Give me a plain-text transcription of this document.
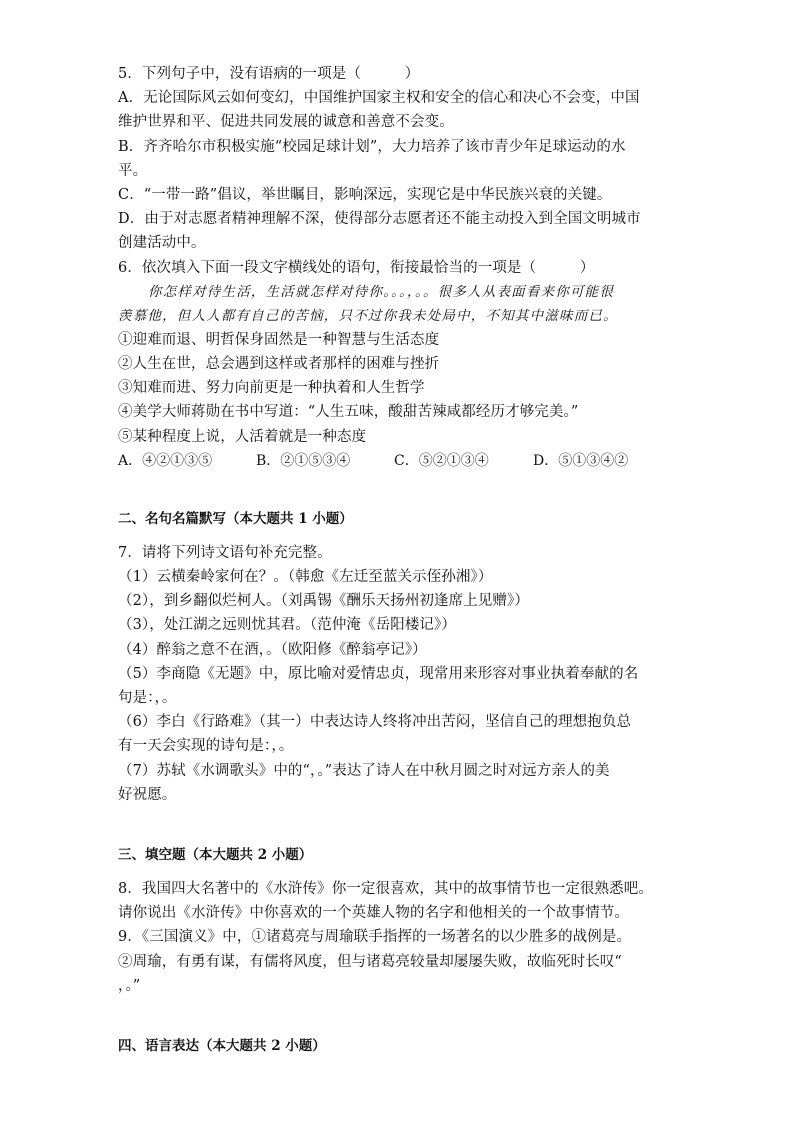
5．下列句子中，没有语病的一项是（　　　）
A．无论国际风云如何变幻，中国维护国家主权和安全的信心和决心不会变，中国
维护世界和平、促进共同发展的诚意和善意不会变。
B．齐齐哈尔市积极实施“校园足球计划”，大力培养了该市青少年足球运动的水
平。
C．“一带一路”倡议，举世瞩目，影响深远，实现它是中华民族兴衰的关键。
D．由于对志愿者精神理解不深，使得部分志愿者还不能主动投入到全国文明城市
创建活动中。
6．依次填入下面一段文字横线处的语句，衔接最恰当的一项是（　　　）
你怎样对待生活，生活就怎样对待你。。。，。。很多人从表面看来你可能很
羡慕他，但人人都有自己的苦恼，只不过你我未处局中，不知其中滋味而已。
①迎难而退、明哲保身固然是一种智慧与生活态度
②人生在世，总会遇到这样或者那样的困难与挫折
③知难而进、努力向前更是一种执着和人生哲学
④美学大师蒋勋在书中写道：“人生五味，酸甜苦辣咸都经历才够完美。”
⑤某种程度上说，人活着就是一种态度
A．④②①③⑤	B．②①⑤③④	C．⑤②①③④	D．⑤①③④②
二、名句名篇默写（本大题共 1 小题）
7．请将下列诗文语句补充完整。
（1）云横秦岭家何在？。（韩愈《左迁至蓝关示侄孙湘》）
（2），到乡翻似烂柯人。（刘禹锡《酬乐天扬州初逢席上见赠》）
（3），处江湖之远则忧其君。（范仲淹《岳阳楼记》）
（4）醉翁之意不在酒，。（欧阳修《醉翁亭记》）
（5）李商隐《无题》中，原比喻对爱情忠贞，现常用来形容对事业执着奉献的名
句是：，。
（6）李白《行路难》（其一）中表达诗人终将冲出苦闷，坚信自己的理想抱负总
有一天会实现的诗句是：，。
（7）苏轼《水调歌头》中的“，。”表达了诗人在中秋月圆之时对远方亲人的美
好祝愿。
三、填空题（本大题共 2 小题）
8．我国四大名著中的《水浒传》你一定很喜欢，其中的故事情节也一定很熟悉吧。
请你说出《水浒传》中你喜欢的一个英雄人物的名字和他相关的一个故事情节。
9．《三国演义》中，①诸葛亮与周瑜联手指挥的一场著名的以少胜多的战例是。
②周瑜，有勇有谋，有儒将风度，但与诸葛亮较量却屡屡失败，故临死时长叹“
，。”
四、语言表达（本大题共 2 小题）
